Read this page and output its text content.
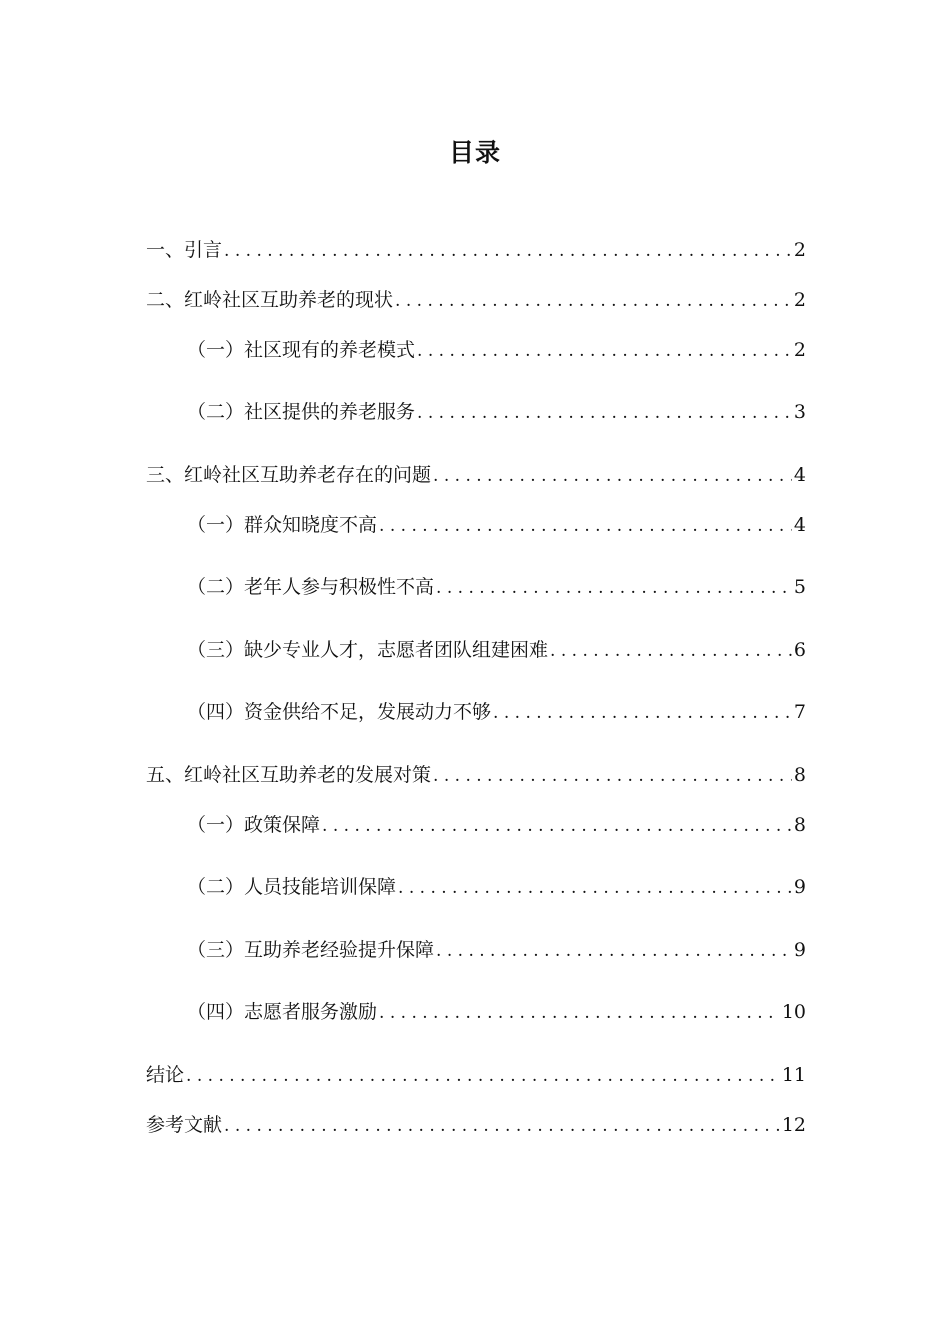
目录
一、引言 . . .	2
二、红岭社区互助养老的现状 . . .	2
（一）社区现有的养老模式 . . .	2
（二）社区提供的养老服务 . . .	3
三、红岭社区互助养老存在的问题 . . .	4
（一）群众知晓度不高 . . .	4
（二）老年人参与积极性不高 . . .	5
（三）缺少专业人才，志愿者团队组建困难 . . .	6
（四）资金供给不足，发展动力不够 . . .	7
五、红岭社区互助养老的发展对策 . . .	8
（一）政策保障 . . .	8
（二）人员技能培训保障 . . .	9
（三）互助养老经验提升保障 . . .	9
（四）志愿者服务激励 . . .	10
结论 . . .	11
参考文献 . . .	12
